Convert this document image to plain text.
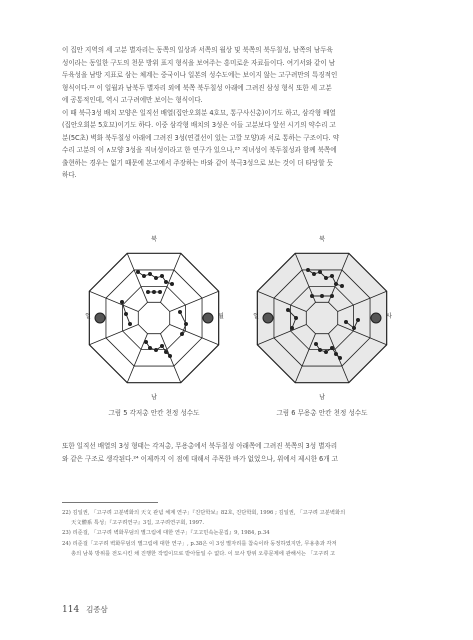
이 집안 지역의 세 고분 별자리는 동쪽의 일상과 서쪽의 월상 및 북쪽의 북두칠성, 남쪽의 남두육
성이라는 동일한 구도의 천문 방위 표지 형식을 보여주는 흥미로운 자료들이다. 여기서와 같이 남
두육성을 남방 지표로 삼는 체계는 중국이나 일본의 성수도에는 보이지 않는 고구려만의 특징적인
형식이다.²² 이 일월과 남북두 별자리 외에 북쪽 북두칠성 아래에 그려진 삼성 형식 또한 세 고분
에 공통적인데, 역시 고구려에만 보이는 형식이다.
이 때 북극3성 배치 모양은 일직선 배열(집안오회분 4호묘, 통구사신총)이기도 하고, 삼각형 배열
(집안오회분 5호묘)이기도 하다. 이중 삼각형 배치의 3성은 이들 고분보다 앞선 시기의 약수리 고
분(5C초) 벽화 북두칠성 아래에 그려진 3성(연결선이 있는 고깔 모양)과 서로 통하는 구조이다. 약
수리 고분의 이 ∧모양 3성을 직녀성이라고 한 연구가 있으나,²³ 직녀성이 북두칠성과 함께 북쪽에
출현하는 경우는 없기 때문에 본고에서 주장하는 바와 같이 북극3성으로 보는 것이 더 타당할 듯
하다.
북
남
일	월
북
남
일	사
그림 5 각저총 안칸 천정 성수도	그림 6 무용총 안칸 천정 성수도
또한 일직선 배열의 3성 형태는 각저총, 무용총에서 북두칠성 아래쪽에 그려진 북쪽의 3성 별자리
와 같은 구조로 생각된다.²⁴ 이제까지 이 점에 대해서 주목한 바가 없었으나, 위에서 제시한 6개 고
22) 김일권, 「고구려 고분벽화의 天文 관념 체계 연구」『진단학보』82호, 진단학회, 1996 ; 김일권, 「고구려 고분벽화의
天文體系 특성」『고구려연구』3집, 고구려연구회, 1997.
23) 리준걸, 「고구려 벽화무덤의 별그림에 대한 연구」『고고민속논문집』9, 1984, p.34
24) 리준걸「고구려 벽화무덤의 별그림에 대한 연구」, p.38은 이 3성 별자리를 참숙이라 동정하였지만, 무용총과 각저
총의 남북 방위를 전도시킨 채 진행한 작업이므로 받아들일 수 없다. 이 묘사 방위 오류문제에 관해서는 「고구려 고
114 김종삼
